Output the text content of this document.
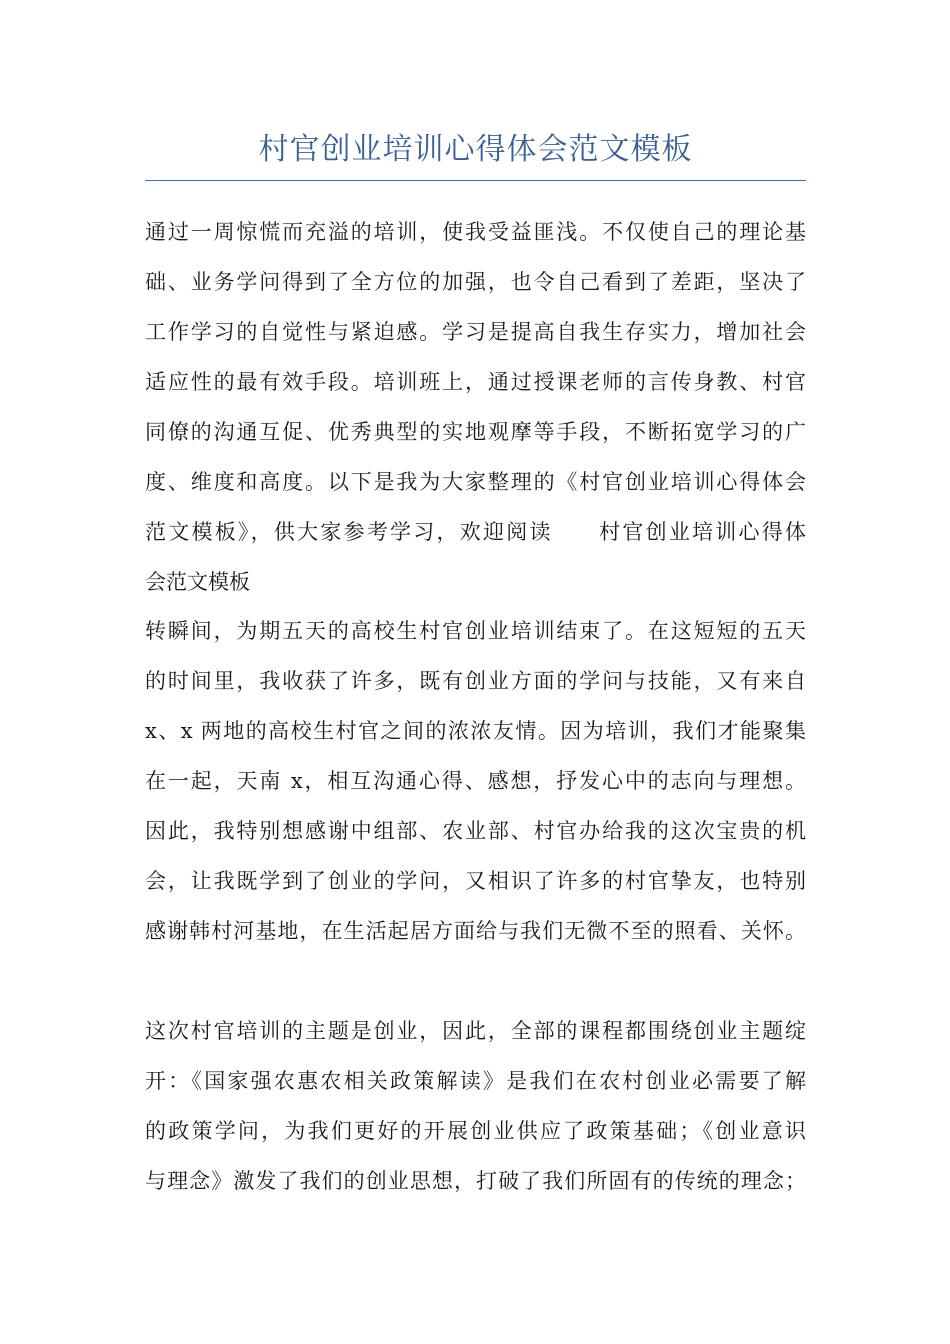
村官创业培训心得体会范文模板
通过一周惊慌而充溢的培训，使我受益匪浅。不仅使自己的理论基
础、业务学问得到了全方位的加强，也令自己看到了差距，坚决了
工作学习的自觉性与紧迫感。学习是提高自我生存实力，增加社会
适应性的最有效手段。培训班上，通过授课老师的言传身教、村官
同僚的沟通互促、优秀典型的实地观摩等手段，不断拓宽学习的广
度、维度和高度。以下是我为大家整理的《村官创业培训心得体会
范文模板》，供大家参考学习，欢迎阅读　　村官创业培训心得体
会范文模板
转瞬间，为期五天的高校生村官创业培训结束了。在这短短的五天
的时间里，我收获了许多，既有创业方面的学问与技能，又有来自
x、x 两地的高校生村官之间的浓浓友情。因为培训，我们才能聚集
在一起，天南 x，相互沟通心得、感想，抒发心中的志向与理想。
因此，我特别想感谢中组部、农业部、村官办给我的这次宝贵的机
会，让我既学到了创业的学问，又相识了许多的村官挚友，也特别
感谢韩村河基地，在生活起居方面给与我们无微不至的照看、关怀。
这次村官培训的主题是创业，因此，全部的课程都围绕创业主题绽
开：《国家强农惠农相关政策解读》是我们在农村创业必需要了解
的政策学问，为我们更好的开展创业供应了政策基础；《创业意识
与理念》激发了我们的创业思想，打破了我们所固有的传统的理念；
